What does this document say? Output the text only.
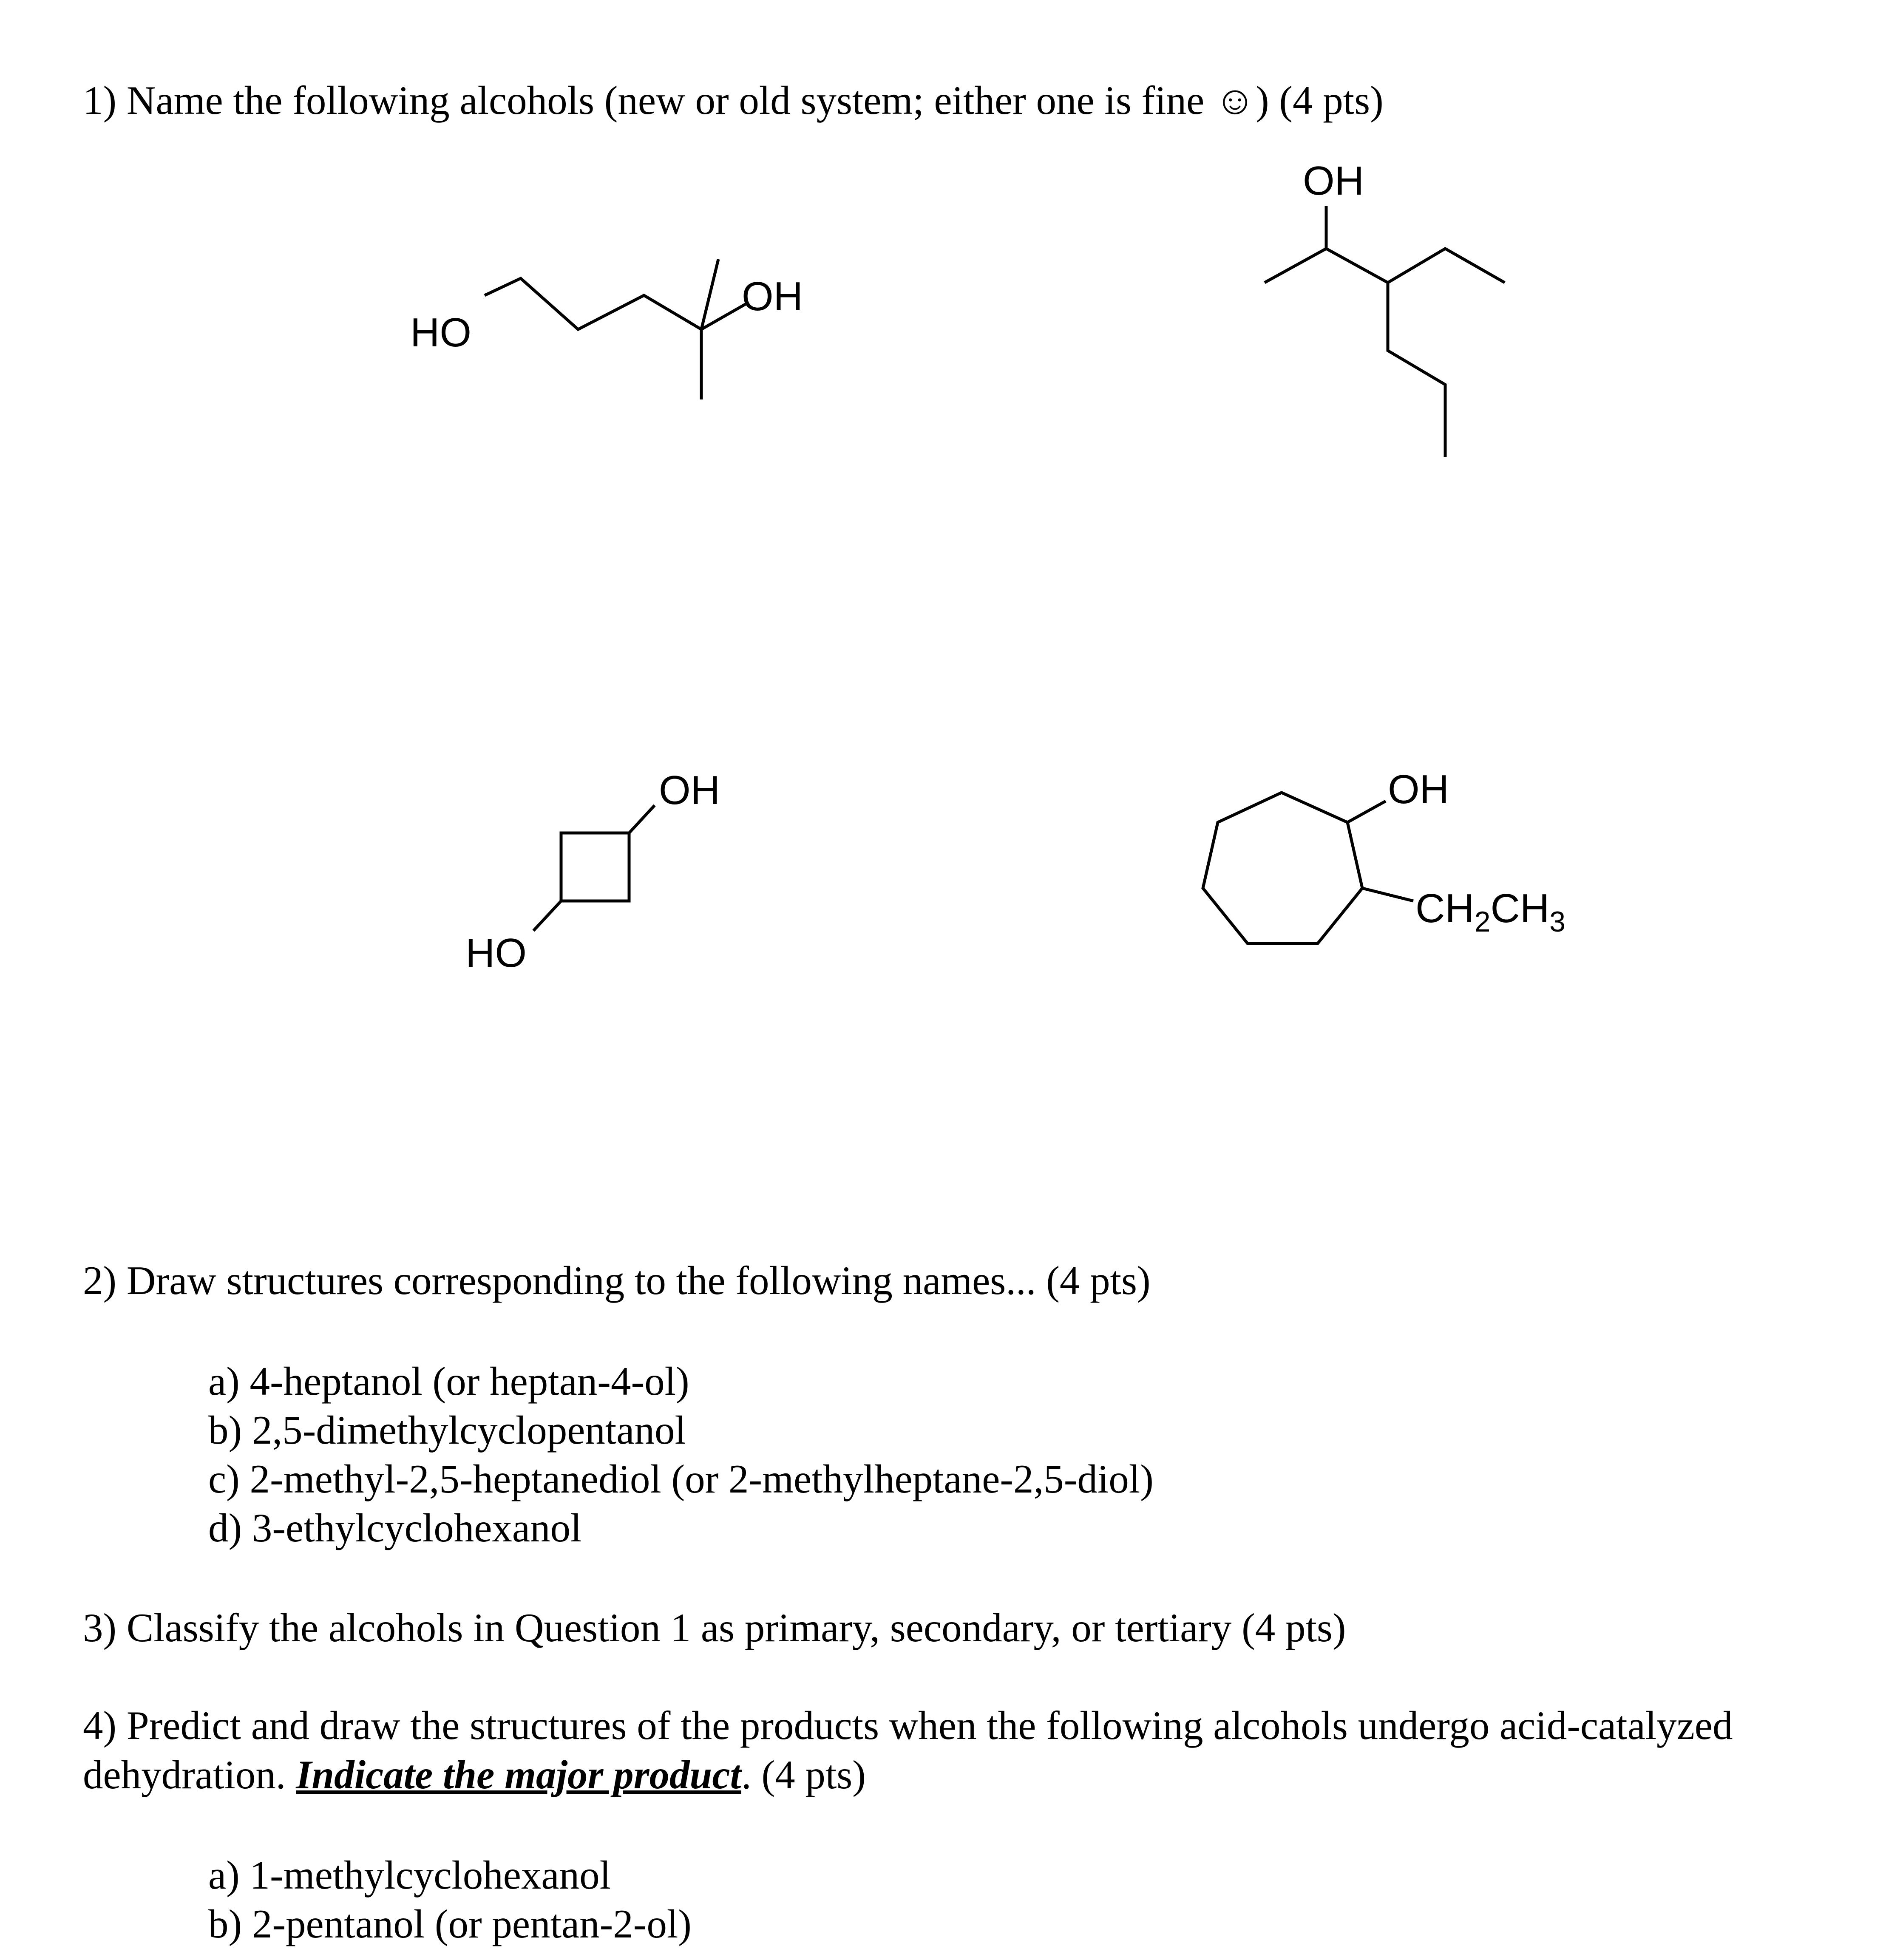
1) Name the following alcohols (new or old system; either one is fine ☺) (4 pts)
HO
OH
OH
OH
HO
OH
$CH_2CH_3$
2) Draw structures corresponding to the following names... (4 pts)
a) 4-heptanol (or heptan-4-ol)
b) 2,5-dimethylcyclopentanol
c) 2-methyl-2,5-heptanediol (or 2-methylheptane-2,5-diol)
d) 3-ethylcyclohexanol
3) Classify the alcohols in Question 1 as primary, secondary, or tertiary (4 pts)
4) Predict and draw the structures of the products when the following alcohols undergo acid-catalyzed
dehydration. Indicate the major product. (4 pts)
a) 1-methylcyclohexanol
b) 2-pentanol (or pentan-2-ol)
